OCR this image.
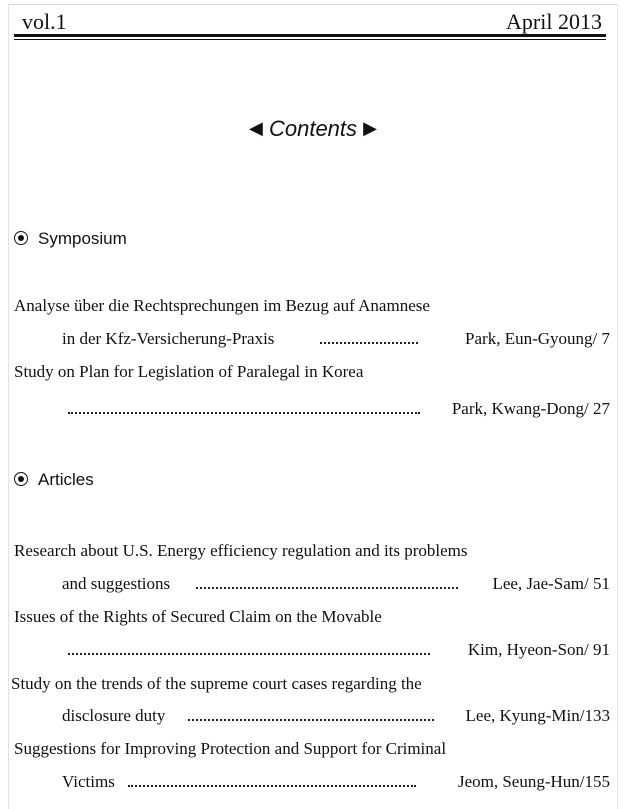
vol.1	April 2013
◀ Contents ▶
Symposium
Analyse über die Rechtsprechungen im Bezug auf Anamnese
in der Kfz-Versicherung-Praxis	Park, Eun-Gyoung/ 7
Study on Plan for Legislation of Paralegal in Korea
Park, Kwang-Dong/ 27
Articles
Research about U.S. Energy efficiency regulation and its problems
and suggestions	Lee, Jae-Sam/ 51
Issues of the Rights of Secured Claim on the Movable
Kim, Hyeon-Son/ 91
Study on the trends of the supreme court cases regarding the
disclosure duty	Lee, Kyung-Min/133
Suggestions for Improving Protection and Support for Criminal
Victims	Jeom, Seung-Hun/155
